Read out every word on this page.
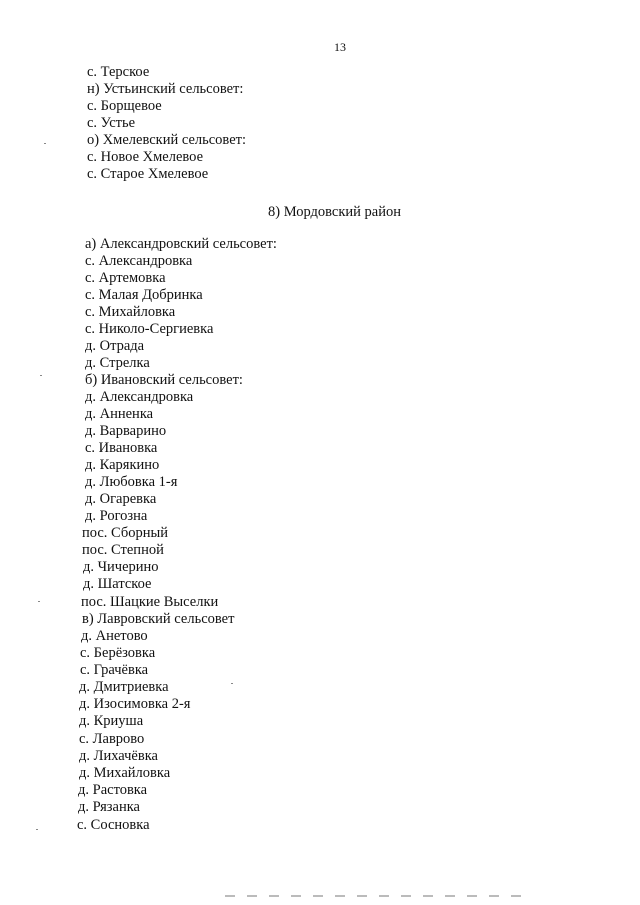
13
с. Терское
н) Устьинский сельсовет:
с. Борщевое
с. Устье
о) Хмелевский сельсовет:
с. Новое Хмелевое
с. Старое Хмелевое
8) Мордовский район
а) Александровский сельсовет:
с. Александровка
с. Артемовка
с. Малая Добринка
с. Михайловка
с. Николо-Сергиевка
д. Отрада
д. Стрелка
б) Ивановский сельсовет:
д. Александровка
д. Анненка
д. Варварино
с. Ивановка
д. Карякино
д. Любовка 1-я
д. Огаревка
д. Рогозна
пос. Сборный
пос. Степной
д. Чичерино
д. Шатское
пос. Шацкие Выселки
в) Лавровский сельсовет
д. Анетово
с. Берёзовка
с. Грачёвка
д. Дмитриевка
д. Изосимовка 2-я
д. Криуша
с. Лаврово
д. Лихачёвка
д. Михайловка
д. Растовка
д. Рязанка
с. Сосновка
